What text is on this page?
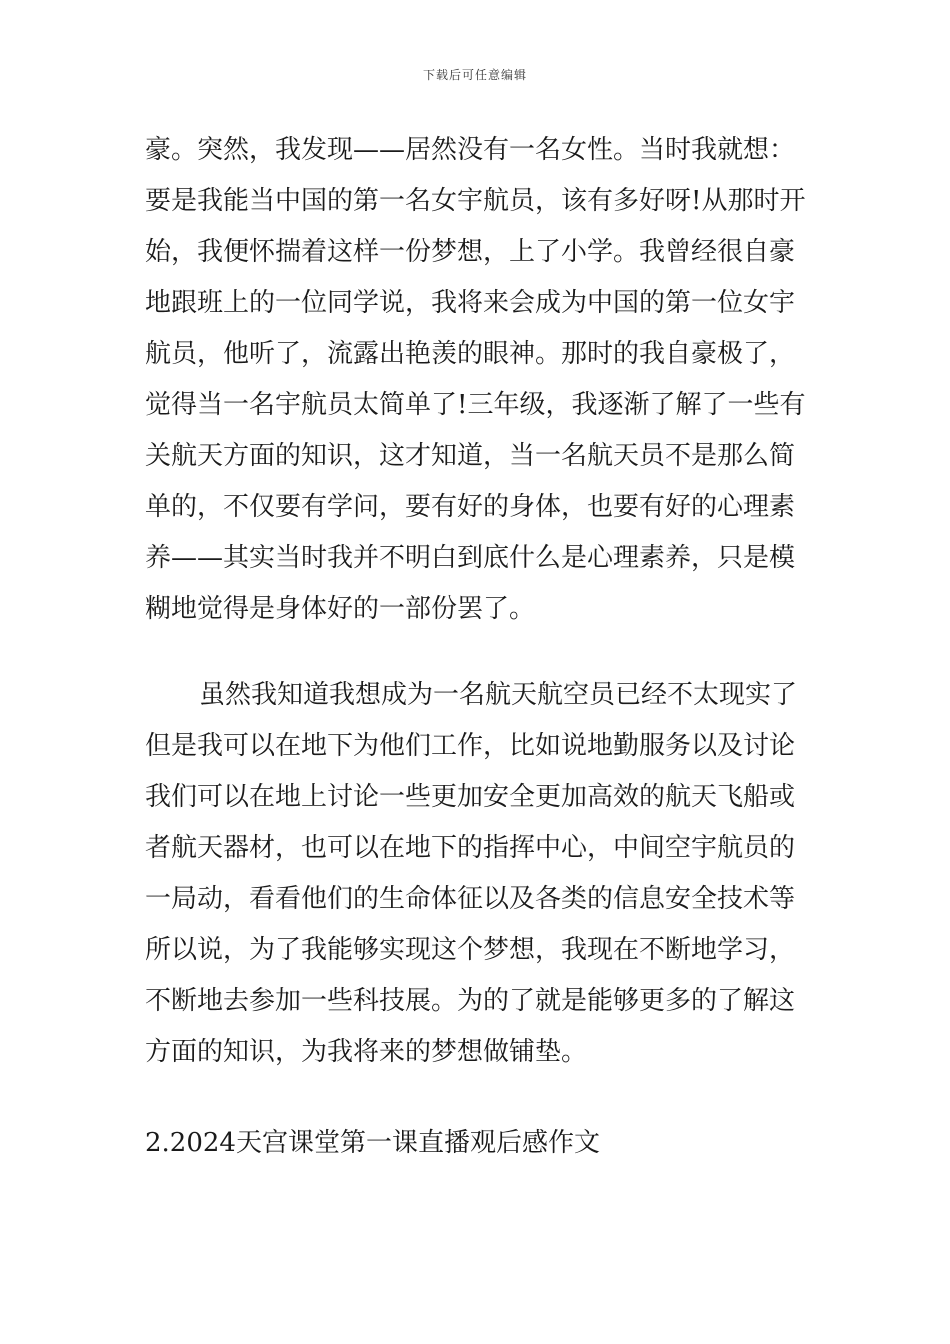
下载后可任意编辑
豪。突然，我发现——居然没有一名女性。当时我就想：
要是我能当中国的第一名女宇航员，该有多好呀!从那时开
始，我便怀揣着这样一份梦想，上了小学。我曾经很自豪
地跟班上的一位同学说，我将来会成为中国的第一位女宇
航员，他听了，流露出艳羡的眼神。那时的我自豪极了，
觉得当一名宇航员太简单了!三年级，我逐渐了解了一些有
关航天方面的知识，这才知道，当一名航天员不是那么简
单的，不仅要有学问，要有好的身体，也要有好的心理素
养——其实当时我并不明白到底什么是心理素养，只是模
糊地觉得是身体好的一部份罢了。
虽然我知道我想成为一名航天航空员已经不太现实了
但是我可以在地下为他们工作，比如说地勤服务以及讨论
我们可以在地上讨论一些更加安全更加高效的航天飞船或
者航天器材，也可以在地下的指挥中心，中间空宇航员的
一局动，看看他们的生命体征以及各类的信息安全技术等
所以说，为了我能够实现这个梦想，我现在不断地学习，
不断地去参加一些科技展。为的了就是能够更多的了解这
方面的知识，为我将来的梦想做铺垫。
2.2024天宫课堂第一课直播观后感作文
